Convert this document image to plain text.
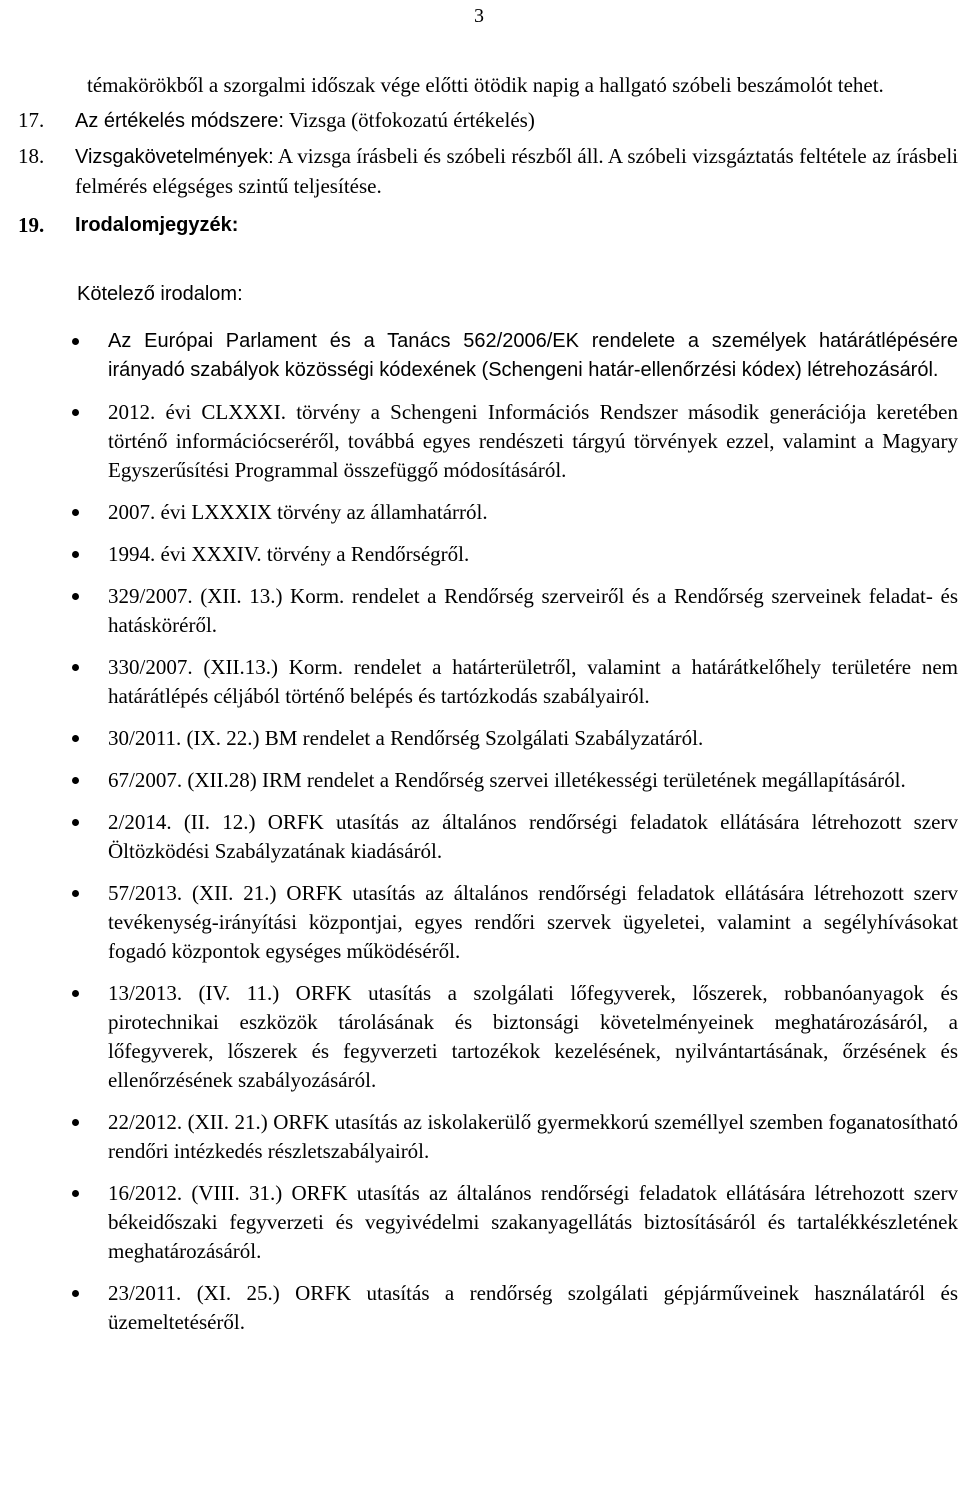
3

témakörökből a szorgalmi időszak vége előtti ötödik napig a hallgató szóbeli beszámolót tehet.

17. Az értékelés módszere: Vizsga (ötfokozatú értékelés)
18. Vizsgakövetelmények: A vizsga írásbeli és szóbeli részből áll. A szóbeli vizsgáztatás feltétele az írásbeli felmérés elégséges szintű teljesítése.
19. Irodalomjegyzék:
Kötelező irodalom:
Az Európai Parlament és a Tanács 562/2006/EK rendelete a személyek határátlépésére irányadó szabályok közösségi kódexének (Schengeni határ-ellenőrzési kódex) létrehozásáról.
2012. évi CLXXXI. törvény a Schengeni Információs Rendszer második generációja keretében történő információcseréről, továbbá egyes rendészeti tárgyú törvények ezzel, valamint a Magyary Egyszerűsítési Programmal összefüggő módosításáról.
2007. évi LXXXIX törvény az államhatárról.
1994. évi XXXIV. törvény a Rendőrségről.
329/2007. (XII. 13.) Korm. rendelet a Rendőrség szerveiről és a Rendőrség szerveinek feladat- és hatásköréről.
330/2007. (XII.13.) Korm. rendelet a határterületről, valamint a határátkelőhely területére nem határátlépés céljából történő belépés és tartózkodás szabályairól.
30/2011. (IX. 22.) BM rendelet a Rendőrség Szolgálati Szabályzatáról.
67/2007. (XII.28) IRM rendelet a Rendőrség szervei illetékességi területének megállapításáról.
2/2014. (II. 12.) ORFK utasítás az általános rendőrségi feladatok ellátására létrehozott szerv Öltözködési Szabályzatának kiadásáról.
57/2013. (XII. 21.) ORFK utasítás az általános rendőrségi feladatok ellátására létrehozott szerv tevékenység-irányítási központjai, egyes rendőri szervek ügyeletei, valamint a segélyhívásokat fogadó központok egységes működéséről.
13/2013. (IV. 11.) ORFK utasítás a szolgálati lőfegyverek, lőszerek, robbanóanyagok és pirotechnikai eszközök tárolásának és biztonsági követelményeinek meghatározásáról, a lőfegyverek, lőszerek és fegyverzeti tartozékok kezelésének, nyilvántartásának, őrzésének és ellenőrzésének szabályozásáról.
22/2012. (XII. 21.) ORFK utasítás az iskolakerülő gyermekkorú személlyel szemben foganatosítható rendőri intézkedés részletszabályairól.
16/2012. (VIII. 31.) ORFK utasítás az általános rendőrségi feladatok ellátására létrehozott szerv békeidőszaki fegyverzeti és vegyivédelmi szakanyagellátás biztosításáról és tartalékkészletének meghatározásáról.
23/2011. (XI. 25.) ORFK utasítás a rendőrség szolgálati gépjárműveinek használatáról és üzemeltetéséről.
